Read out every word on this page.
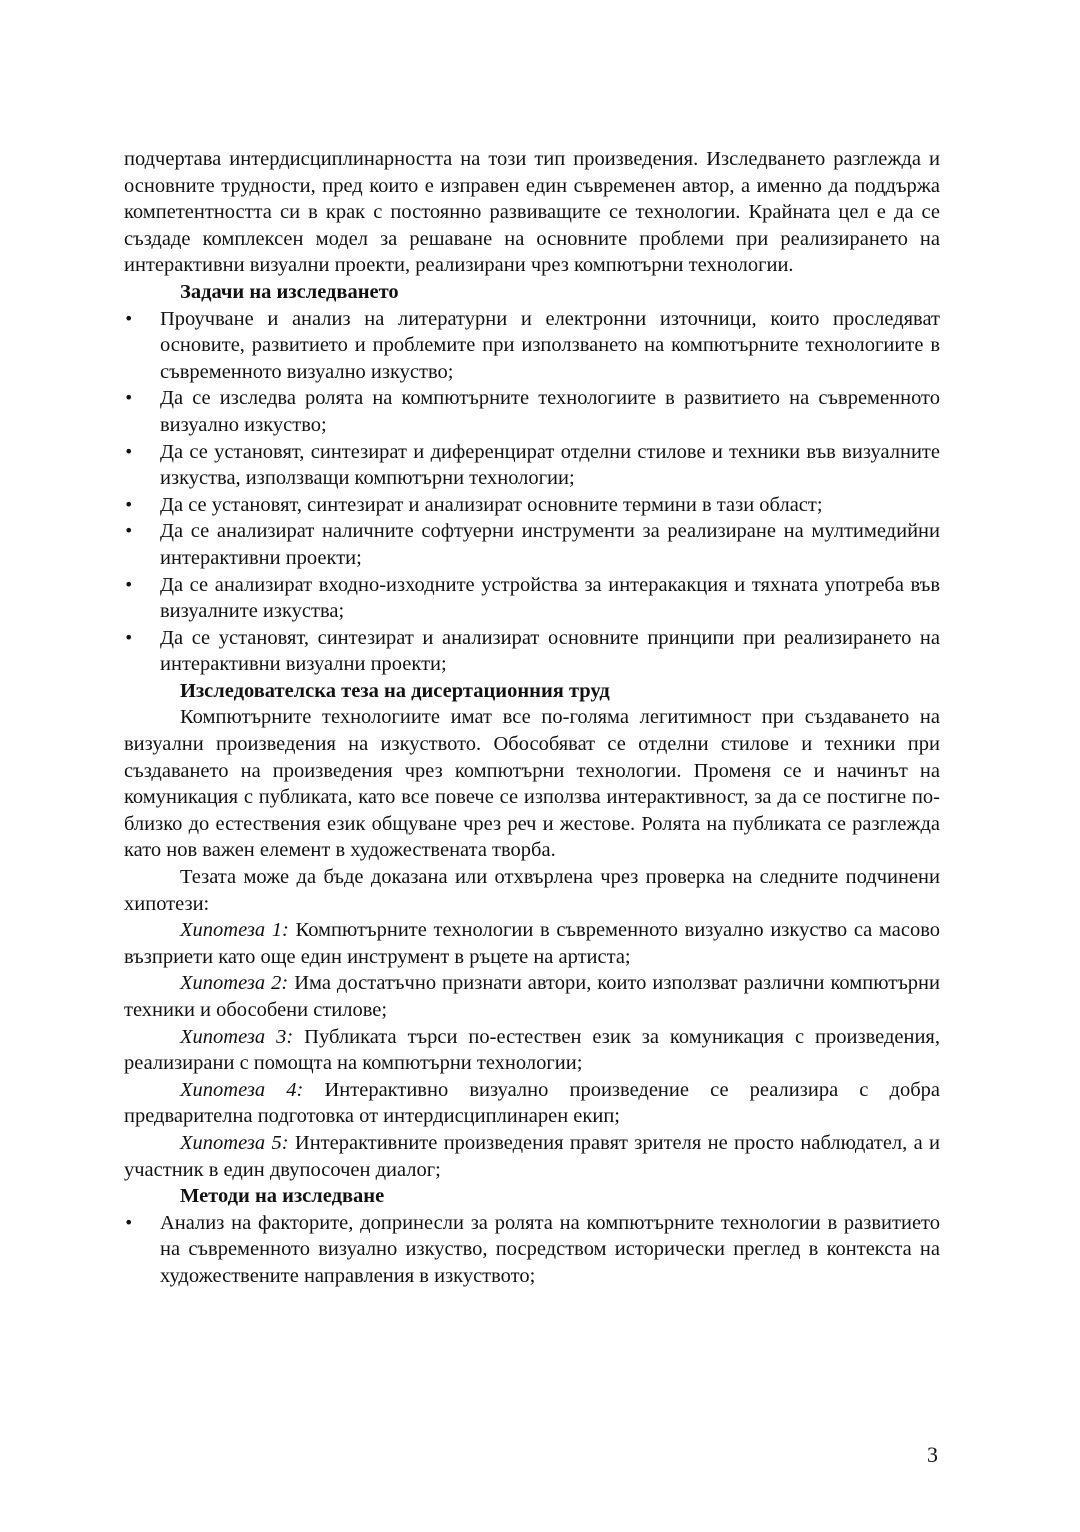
подчертава интердисциплинарността на този тип произведения. Изследването разглежда и основните трудности, пред които е изправен един съвременен автор, а именно да поддържа компетентността си в крак с постоянно развиващите се технологии. Крайната цел е да се създаде комплексен модел за решаване на основните проблеми при реализирането на интерактивни визуални проекти, реализирани чрез компютърни технологии.

Задачи на изследването
• Проучване и анализ на литературни и електронни източници, които проследяват основите, развитието и проблемите при използването на компютърните технологиите в съвременното визуално изкуство;
• Да се изследва ролята на компютърните технологиите в развитието на съвременното визуално изкуство;
• Да се установят, синтезират и диференцират отделни стилове и техники във визуалните изкуства, използващи компютърни технологии;
• Да се установят, синтезират и анализират основните термини в тази област;
• Да се анализират наличните софтуерни инструменти за реализиране на мултимедийни интерактивни проекти;
• Да се анализират входно-изходните устройства за интеракакция и тяхната употреба във визуалните изкуства;
• Да се установят, синтезират и анализират основните принципи при реализирането на интерактивни визуални проекти;
Изследователска теза на дисертационния труд

Компютърните технологиите имат все по-голяма легитимност при създаването на визуални произведения на изкуството. Обособяват се отделни стилове и техники при създаването на произведения чрез компютърни технологии. Променя се и начинът на комуникация с публиката, като все повече се използва интерактивност, за да се постигне по-близко до естествения език общуване чрез реч и жестове. Ролята на публиката се разглежда като нов важен елемент в художествената творба.

Тезата може да бъде доказана или отхвърлена чрез проверка на следните подчинени хипотези:

Хипотеза 1: Компютърните технологии в съвременното визуално изкуство са масово възприети като още един инструмент в ръцете на артиста;

Хипотеза 2: Има достатъчно признати автори, които използват различни компютърни техники и обособени стилове;

Хипотеза 3: Публиката търси по-естествен език за комуникация с произведения, реализирани с помощта на компютърни технологии;

Хипотеза 4: Интерактивно визуално произведение се реализира с добра предварителна подготовка от интердисциплинарен екип;

Хипотеза 5: Интерактивните произведения правят зрителя не просто наблюдател, а и участник в един двупосочен диалог;

Методи на изследване
• Анализ на факторите, допринесли за ролята на компютърните технологии в развитието на съвременното визуално изкуство, посредством исторически преглед в контекста на художествените направления в изкуството;
3
